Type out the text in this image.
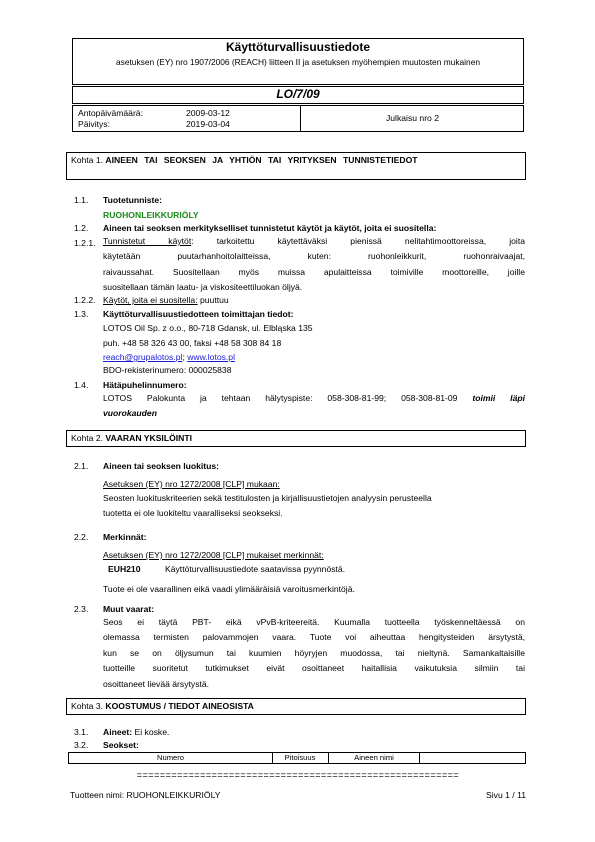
Käyttöturvallisuustiedote
asetuksen (EY) nro 1907/2006 (REACH) liitteen II ja asetuksen myöhempien muutosten mukainen
LO/7/09
Antopäivämäärä:	2009-03-12
Päivitys:	2019-03-04
Julkaisu nro 2
Kohta 1. AINEEN TAI SEOKSEN JA YHTIÖN TAI YRITYKSEN TUNNISTETIEDOT
1.1. Tuotetunniste:
RUOHONLEIKKURIÖLY
1.2. Aineen tai seoksen merkitykselliset tunnistetut käytöt ja käytöt, joita ei suositella:
1.2.1. Tunnistetut käytöt: tarkoitettu käytettäväksi pienissä nelitahtimoottoreissa, joita
käytetään puutarhanhoitolaitteissa, kuten: ruohonleikkurit, ruohonraivaajat,
raivaussahat. Suositellaan myös muissa apulaitteissa toimiville moottoreille, joille
suositellaan tämän laatu- ja viskositeettiluokan öljyä.
1.2.2. Käytöt, joita ei suositella: puuttuu
1.3. Käyttöturvallisuustiedotteen toimittajan tiedot:
LOTOS Oil Sp. z o.o., 80-718 Gdansk, ul. Elbląska 135
puh. +48 58 326 43 00, faksi +48 58 308 84 18
reach@grupalotos.pl; www.lotos.pl
BDO-rekisterinumero: 000025838
1.4. Hätäpuhelinnumero:
LOTOS Palokunta ja tehtaan hälytyspiste: 058-308-81-99; 058-308-81-09 toimii läpi
vuorokauden
Kohta 2. VAARAN YKSILÖINTI
2.1. Aineen tai seoksen luokitus:
Asetuksen (EY) nro 1272/2008 [CLP] mukaan:
Seosten luokituskriteerien sekä testitulosten ja kirjallisuustietojen analyysin perusteella
tuotetta ei ole luokiteltu vaaralliseksi seokseksi.
2.2. Merkinnät:
Asetuksen (EY) nro 1272/2008 [CLP] mukaiset merkinnät:
EUH210	Käyttöturvallisuustiedote saatavissa pyynnöstä.
Tuote ei ole vaarallinen eikä vaadi ylimääräisiä varoitusmerkintöjä.
2.3. Muut vaarat:
Seos ei täytä PBT- eikä vPvB-kriteereitä. Kuumalla tuotteella työskenneltäessä on
olemassa termisten palovammojen vaara. Tuote voi aiheuttaa hengitysteiden ärsytystä,
kun se on öljysumun tai kuumien höyryjen muodossa, tai nieltynä. Samankaltaisille
tuotteille suoritetut tutkimukset eivät osoittaneet haitallisia vaikutuksia silmiin tai
osoittaneet lievää ärsytystä.
Kohta 3. KOOSTUMUS / TIEDOT AINEOSISTA
3.1. Aineet: Ei koske.
3.2. Seokset:
Numero	Pitoisuus	Aineen nimi
========================================================
Tuotteen nimi: RUOHONLEIKKURIÖLY	Sivu 1 / 11
